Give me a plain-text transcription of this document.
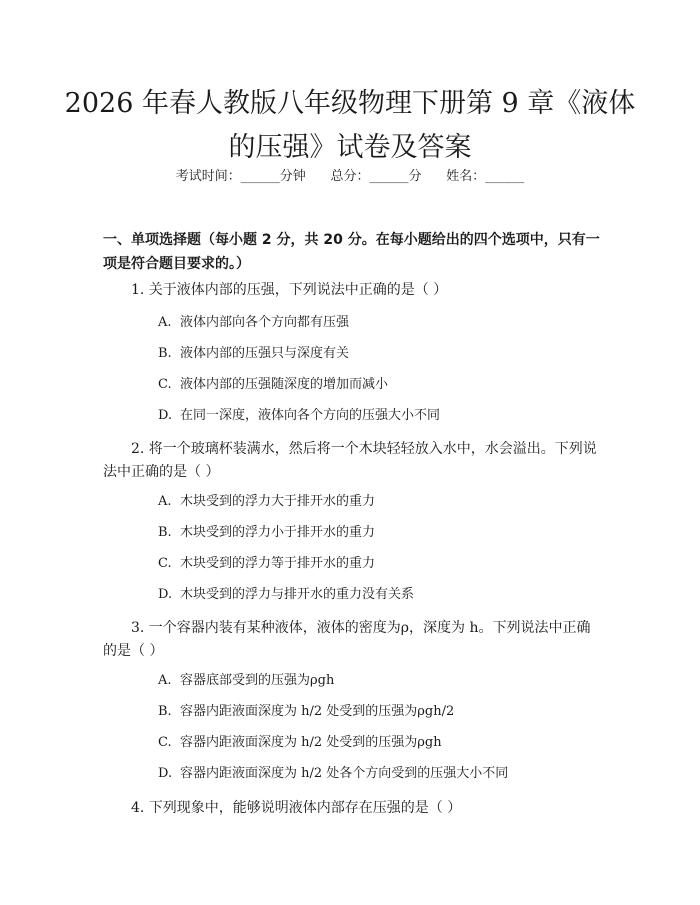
2026 年春人教版八年级物理下册第 9 章《液体的压强》试卷及答案
考试时间：______分钟      总分：______分      姓名：______
一、单项选择题（每小题 2 分，共 20 分。在每小题给出的四个选项中，只有一项是符合题目要求的。）
1. 关于液体内部的压强，下列说法中正确的是（ ）
A. 液体内部向各个方向都有压强
B. 液体内部的压强只与深度有关
C. 液体内部的压强随深度的增加而减小
D. 在同一深度，液体向各个方向的压强大小不同
2. 将一个玻璃杯装满水，然后将一个木块轻轻放入水中，水会溢出。下列说法中正确的是（ ）
A. 木块受到的浮力大于排开水的重力
B. 木块受到的浮力小于排开水的重力
C. 木块受到的浮力等于排开水的重力
D. 木块受到的浮力与排开水的重力没有关系
3. 一个容器内装有某种液体，液体的密度为ρ，深度为 h。下列说法中正确的是（ ）
A. 容器底部受到的压强为ρgh
B. 容器内距液面深度为 h/2 处受到的压强为ρgh/2
C. 容器内距液面深度为 h/2 处受到的压强为ρgh
D. 容器内距液面深度为 h/2 处各个方向受到的压强大小不同
4. 下列现象中，能够说明液体内部存在压强的是（ ）
